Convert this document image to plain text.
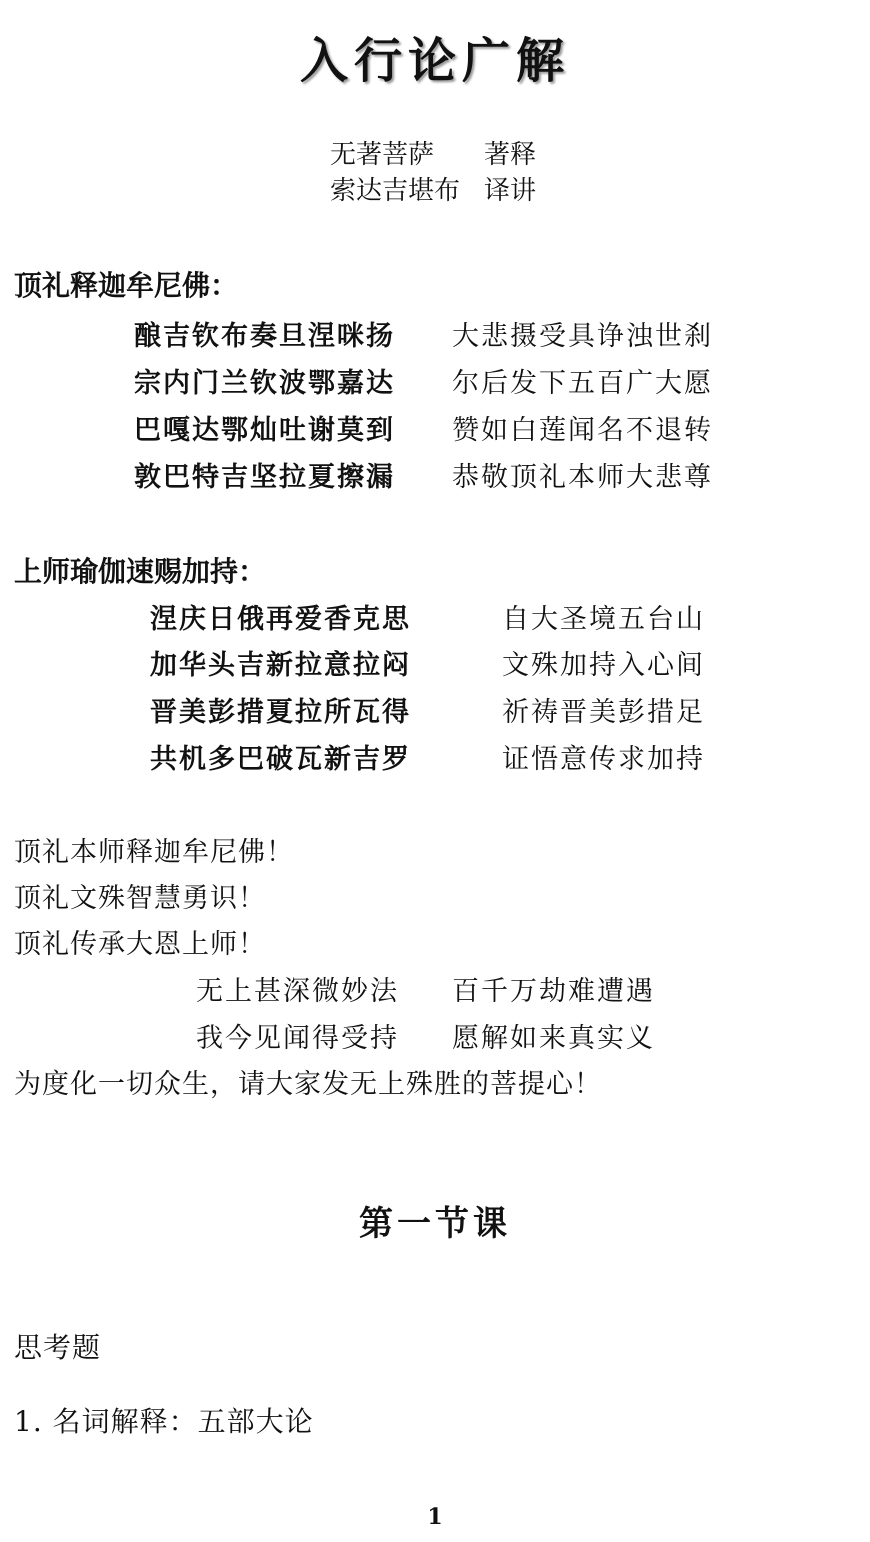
入行论广解
无著菩萨 著释
索达吉堪布 译讲
顶礼释迦牟尼佛：
酿吉钦布奏旦涅咪扬 大悲摄受具诤浊世刹
宗内门兰钦波鄂嘉达 尔后发下五百广大愿
巴嘎达鄂灿吐谢莫到 赞如白莲闻名不退转
敦巴特吉坚拉夏擦漏 恭敬顶礼本师大悲尊
上师瑜伽速赐加持：
涅庆日俄再爱香克思	自大圣境五台山
加华头吉新拉意拉闷	文殊加持入心间
晋美彭措夏拉所瓦得	祈祷晋美彭措足
共机多巴破瓦新吉罗	证悟意传求加持
顶礼本师释迦牟尼佛！
顶礼文殊智慧勇识！
顶礼传承大恩上师！
无上甚深微妙法 百千万劫难遭遇
我今见闻得受持 愿解如来真实义
为度化一切众生，请大家发无上殊胜的菩提心！
第一节课
思考题
1. 名词解释：五部大论
1
